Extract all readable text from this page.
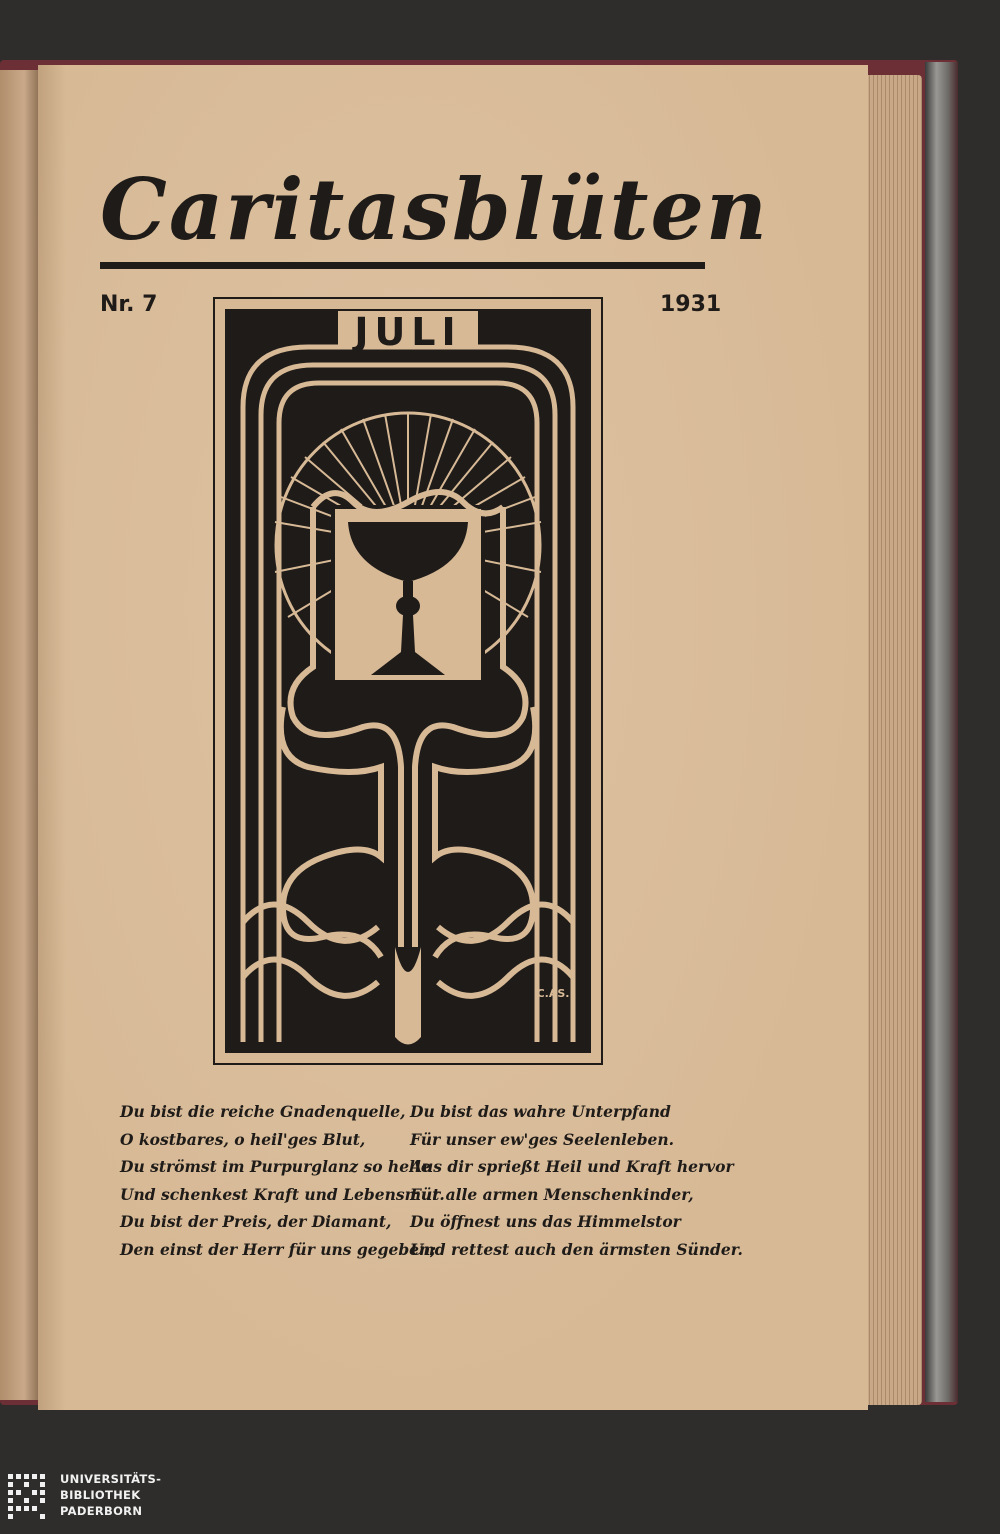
Caritasblüten
Nr. 7	1931
JULI
C.AS.
Du bist die reiche Gnadenquelle,
O kostbares, o heil'ges Blut,
Du strömst im Purpurglanz so helle
Und schenkest Kraft und Lebensmut.
Du bist der Preis, der Diamant,
Den einst der Herr für uns gegeben;
Du bist das wahre Unterpfand
Für unser ew'ges Seelenleben.
Aus dir sprießt Heil und Kraft hervor
Für alle armen Menschenkinder,
Du öffnest uns das Himmelstor
Und rettest auch den ärmsten Sünder.
UNIVERSITÄTS-
BIBLIOTHEK
PADERBORN
